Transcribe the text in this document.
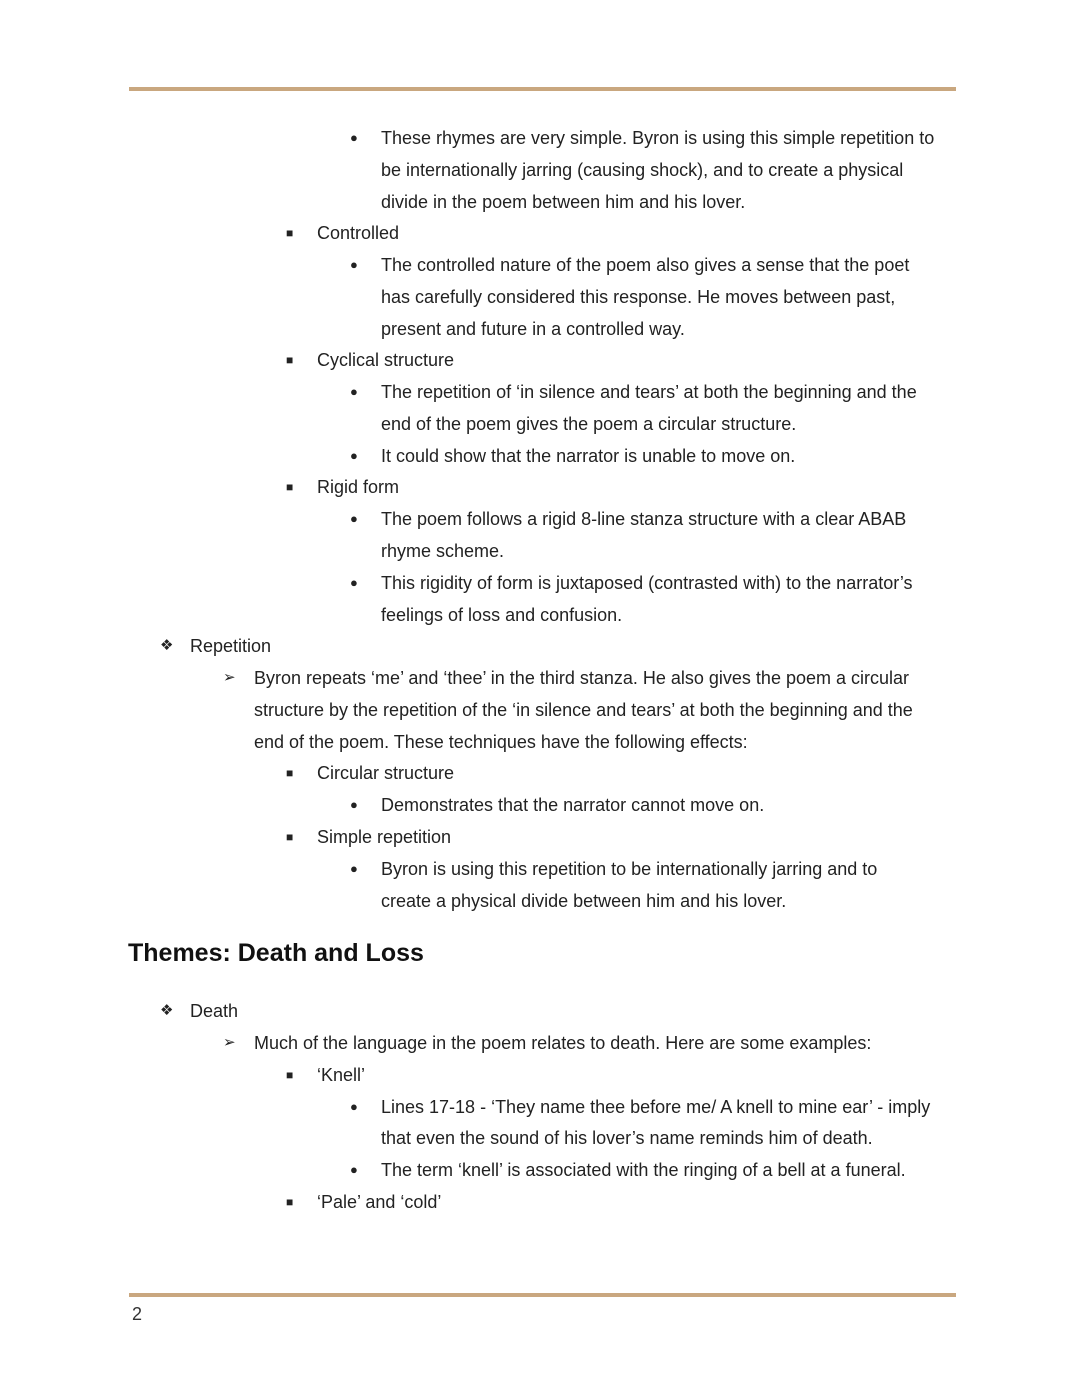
● These rhymes are very simple. Byron is using this simple repetition to
be internationally jarring (causing shock), and to create a physical
divide in the poem between him and his lover.
■ Controlled
● The controlled nature of the poem also gives a sense that the poet
has carefully considered this response. He moves between past,
present and future in a controlled way.
■ Cyclical structure
● The repetition of ‘in silence and tears’ at both the beginning and the
end of the poem gives the poem a circular structure.
● It could show that the narrator is unable to move on.
■ Rigid form
● The poem follows a rigid 8-line stanza structure with a clear ABAB
rhyme scheme.
● This rigidity of form is juxtaposed (contrasted with) to the narrator’s
feelings of loss and confusion.
❖ Repetition
➢ Byron repeats ‘me’ and ‘thee’ in the third stanza. He also gives the poem a circular
structure by the repetition of the ‘in silence and tears’ at both the beginning and the
end of the poem. These techniques have the following effects:
■ Circular structure
● Demonstrates that the narrator cannot move on.
■ Simple repetition
● Byron is using this repetition to be internationally jarring and to
create a physical divide between him and his lover.
Themes: Death and Loss
❖ Death
➢ Much of the language in the poem relates to death. Here are some examples:
■ ‘Knell’
● Lines 17-18 - ‘They name thee before me/ A knell to mine ear’ - imply
that even the sound of his lover’s name reminds him of death.
● The term ‘knell’ is associated with the ringing of a bell at a funeral.
■ ‘Pale’ and ‘cold’
2
